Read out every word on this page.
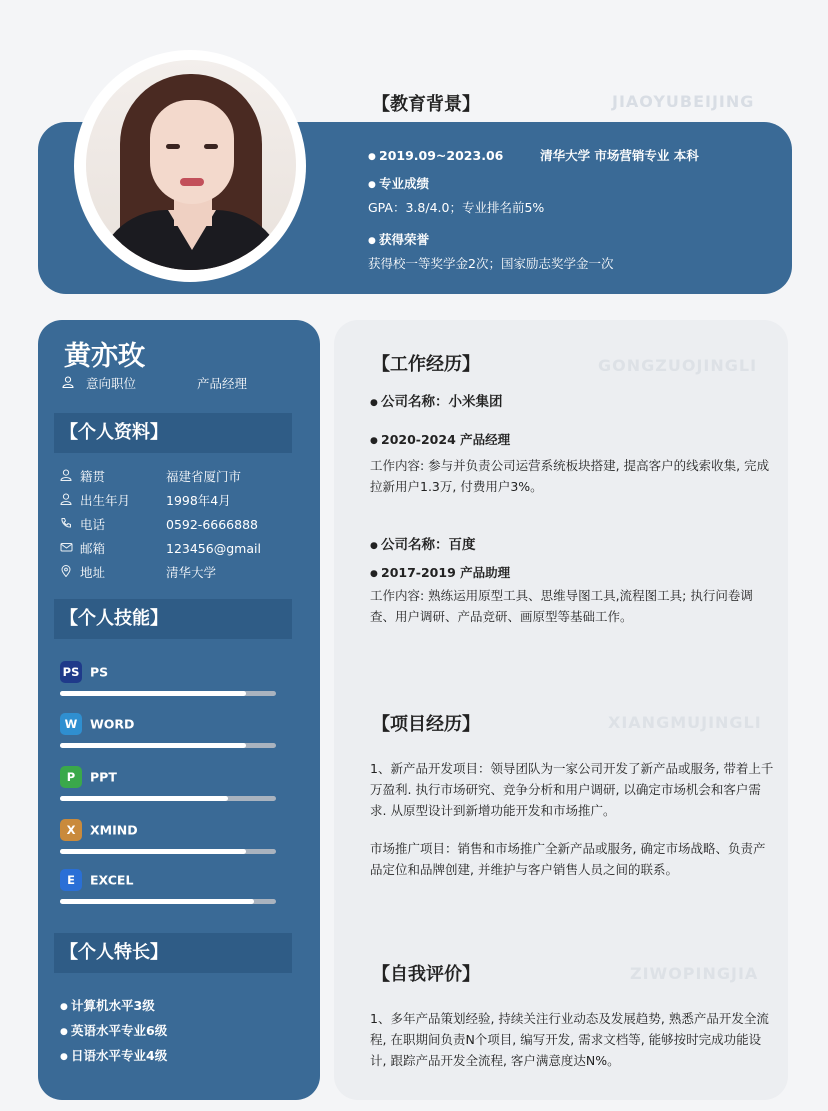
【教育背景】	JIAOYUBEIJING
● 2019.09~2023.06	清华大学 市场营销专业 本科
● 专业成绩
GPA：3.8/4.0；专业排名前5%
● 获得荣誉
获得校一等奖学金2次；国家励志奖学金一次
黄亦玫
意向职位	产品经理
【个人资料】
籍贯	福建省厦门市
出生年月	1998年4月
电话	0592-6666888
邮箱	123456@gmail
地址	清华大学
【个人技能】
PS PS
W WORD
P PPT
X XMIND
E EXCEL
【个人特长】
● 计算机水平3级
● 英语水平专业6级
● 日语水平专业4级
【工作经历】	GONGZUOJINGLI
● 公司名称：小米集团
● 2020-2024 产品经理
工作内容: 参与并负责公司运营系统板块搭建, 提高客户的线索收集, 完成拉新用户1.3万, 付费用户3%。
● 公司名称：百度
● 2017-2019 产品助理
工作内容: 熟练运用原型工具、思维导图工具,流程图工具; 执行问卷调查、用户调研、产品竞研、画原型等基础工作。
【项目经历】	XIANGMUJINGLI
1、新产品开发项目：领导团队为一家公司开发了新产品或服务, 带着上千万盈利. 执行市场研究、竞争分析和用户调研, 以确定市场机会和客户需求. 从原型设计到新增功能开发和市场推广。
市场推广项目：销售和市场推广全新产品或服务, 确定市场战略、负责产品定位和品牌创建, 并维护与客户销售人员之间的联系。
【自我评价】	ZIWOPINGJIA
1、多年产品策划经验, 持续关注行业动态及发展趋势, 熟悉产品开发全流程, 在职期间负责N个项目, 编写开发, 需求文档等, 能够按时完成功能设计, 跟踪产品开发全流程, 客户满意度达N%。
